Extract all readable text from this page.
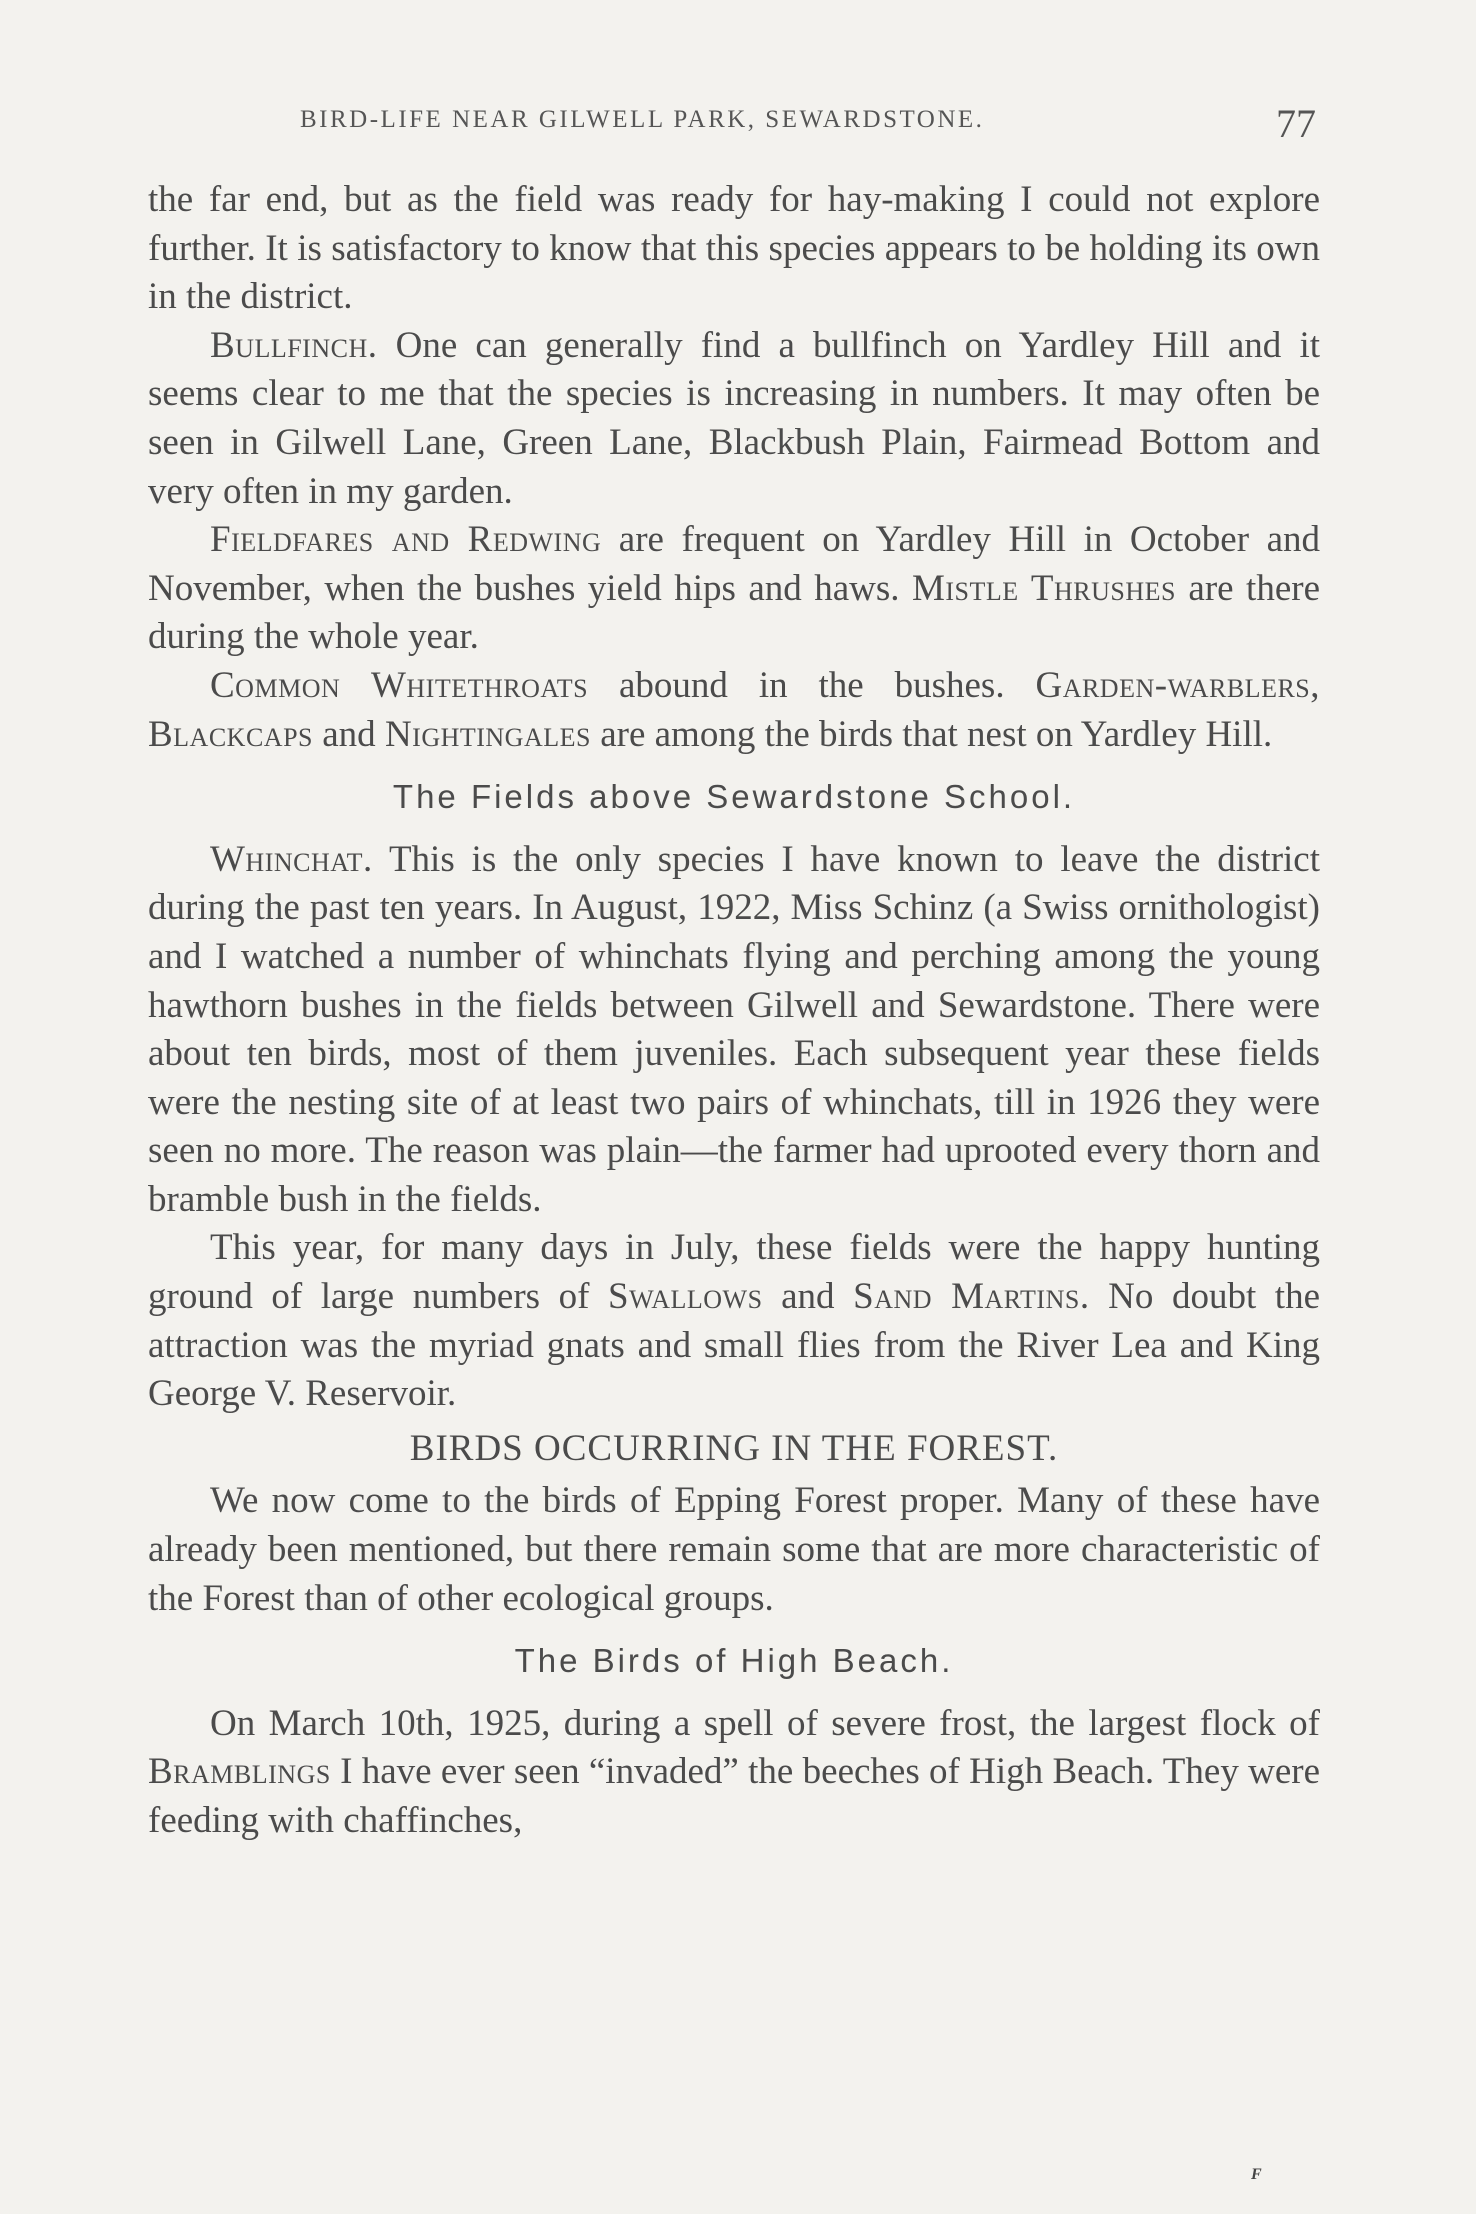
BIRD-LIFE NEAR GILWELL PARK, SEWARDSTONE.	77

the far end, but as the field was ready for hay-making I could not explore further. It is satisfactory to know that this species appears to be holding its own in the district.

Bullfinch. One can generally find a bullfinch on Yardley Hill and it seems clear to me that the species is increasing in numbers. It may often be seen in Gilwell Lane, Green Lane, Blackbush Plain, Fairmead Bottom and very often in my garden.

Fieldfares and Redwing are frequent on Yardley Hill in October and November, when the bushes yield hips and haws. Mistle Thrushes are there during the whole year.

Common Whitethroats abound in the bushes. Garden-warblers, Blackcaps and Nightingales are among the birds that nest on Yardley Hill.

The Fields above Sewardstone School.

Whinchat. This is the only species I have known to leave the district during the past ten years. In August, 1922, Miss Schinz (a Swiss ornithologist) and I watched a number of whinchats flying and perching among the young hawthorn bushes in the fields between Gilwell and Sewardstone. There were about ten birds, most of them juveniles. Each subsequent year these fields were the nesting site of at least two pairs of whinchats, till in 1926 they were seen no more. The reason was plain—the farmer had uprooted every thorn and bramble bush in the fields.

This year, for many days in July, these fields were the happy hunting ground of large numbers of Swallows and Sand Martins. No doubt the attraction was the myriad gnats and small flies from the River Lea and King George V. Reservoir.

BIRDS OCCURRING IN THE FOREST.

We now come to the birds of Epping Forest proper. Many of these have already been mentioned, but there remain some that are more characteristic of the Forest than of other ecological groups.

The Birds of High Beach.

On March 10th, 1925, during a spell of severe frost, the largest flock of Bramblings I have ever seen “invaded” the beeches of High Beach. They were feeding with chaffinches,

F
